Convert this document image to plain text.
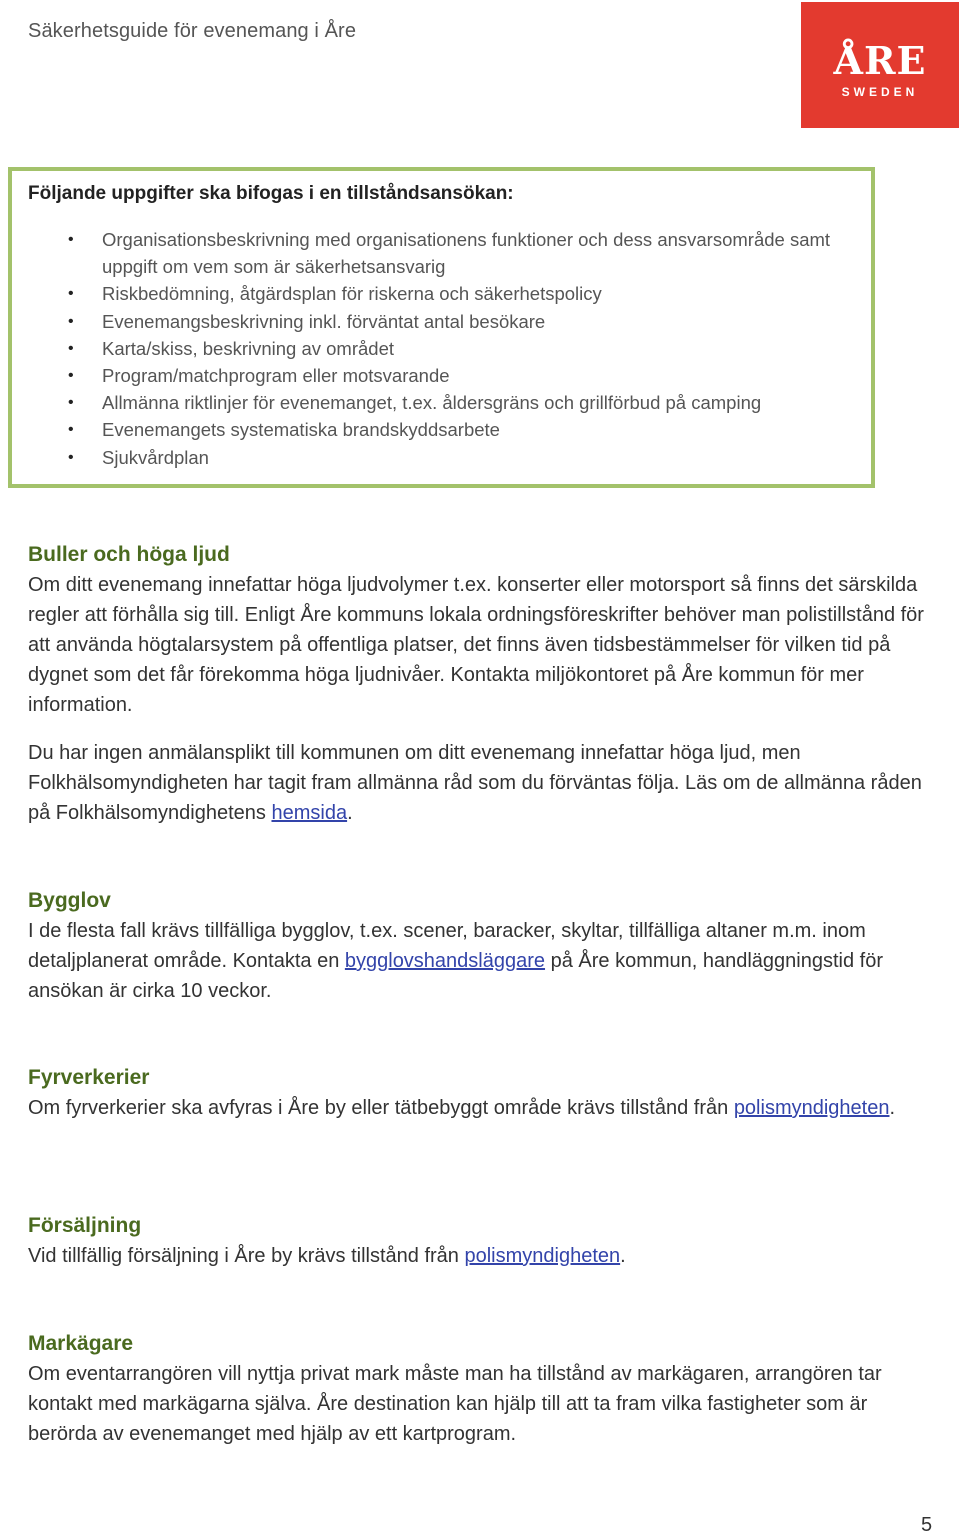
Säkerhetsguide för evenemang i Åre
ÅRE
SWEDEN
Följande uppgifter ska bifogas i en tillståndsansökan:
• Organisationsbeskrivning med organisationens funktioner och dess ansvarsområde samt uppgift om vem som är säkerhetsansvarig
• Riskbedömning, åtgärdsplan för riskerna och säkerhetspolicy
• Evenemangsbeskrivning inkl. förväntat antal besökare
• Karta/skiss, beskrivning av området
• Program/matchprogram eller motsvarande
• Allmänna riktlinjer för evenemanget, t.ex. åldersgräns och grillförbud på camping
• Evenemangets systematiska brandskyddsarbete
• Sjukvårdplan
Buller och höga ljud

Om ditt evenemang innefattar höga ljudvolymer t.ex. konserter eller motorsport så finns det särskilda regler att förhålla sig till. Enligt Åre kommuns lokala ordningsföreskrifter behöver man polistillstånd för att använda högtalarsystem på offentliga platser, det finns även tidsbestämmelser för vilken tid på dygnet som det får förekomma höga ljudnivåer. Kontakta miljökontoret på Åre kommun för mer information.

Du har ingen anmälansplikt till kommunen om ditt evenemang innefattar höga ljud, men Folkhälsomyndigheten har tagit fram allmänna råd som du förväntas följa. Läs om de allmänna råden på Folkhälsomyndighetens hemsida.

Bygglov

I de flesta fall krävs tillfälliga bygglov, t.ex. scener, baracker, skyltar, tillfälliga altaner m.m. inom detaljplanerat område. Kontakta en bygglovshandsläggare på Åre kommun, handläggningstid för ansökan är cirka 10 veckor.

Fyrverkerier

Om fyrverkerier ska avfyras i Åre by eller tätbebyggt område krävs tillstånd från polismyndigheten.

Försäljning

Vid tillfällig försäljning i Åre by krävs tillstånd från polismyndigheten.

Markägare

Om eventarrangören vill nyttja privat mark måste man ha tillstånd av markägaren, arrangören tar kontakt med markägarna själva. Åre destination kan hjälp till att ta fram vilka fastigheter som är berörda av evenemanget med hjälp av ett kartprogram.

5
